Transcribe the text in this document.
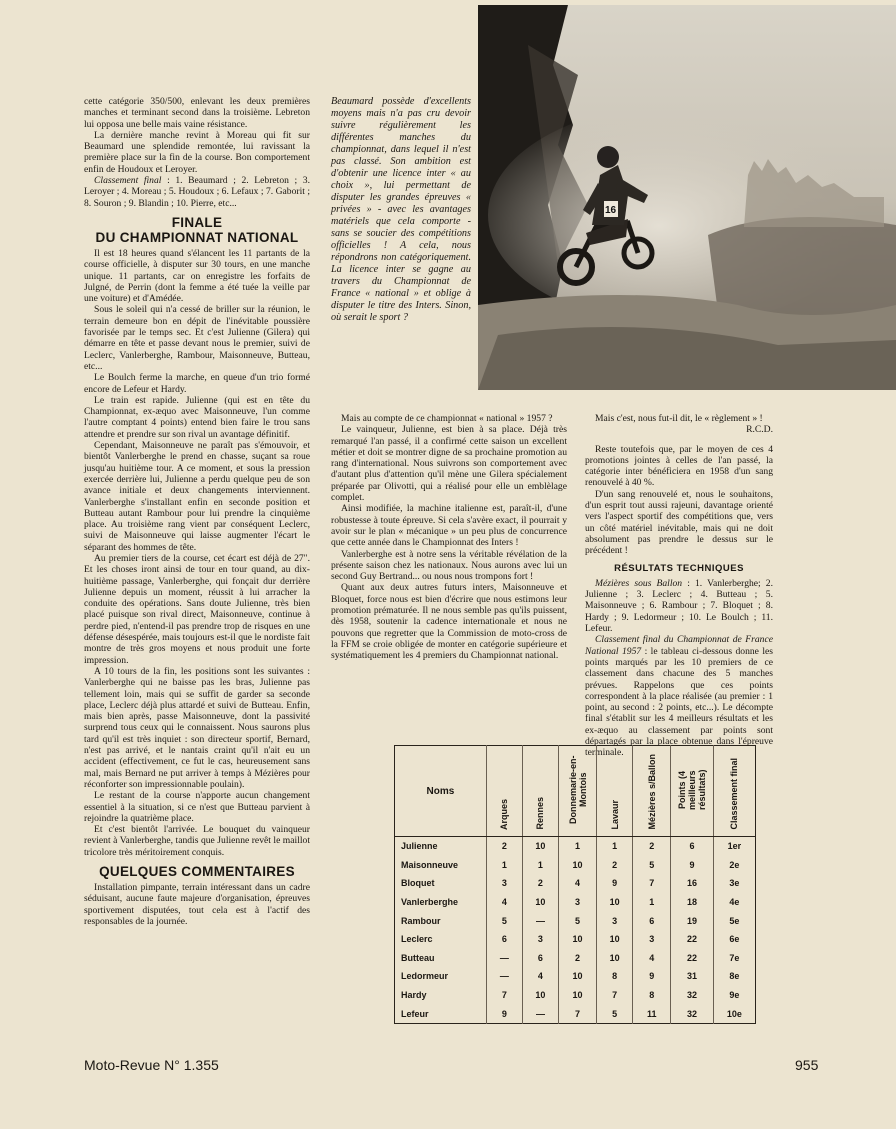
cette catégorie 350/500, enlevant les deux premières manches et terminant second dans la troisième. Lebreton lui opposa une belle mais vaine résistance.

La dernière manche revint à Moreau qui fit sur Beaumard une splendide remontée, lui ravissant la première place sur la fin de la course. Bon comportement enfin de Houdoux et Leroyer.

Classement final : 1. Beaumard ; 2. Lebreton ; 3. Leroyer ; 4. Moreau ; 5. Houdoux ; 6. Lefaux ; 7. Gaborit ; 8. Souron ; 9. Blandin ; 10. Pierre, etc...

FINALE
DU CHAMPIONNAT NATIONAL

Il est 18 heures quand s'élancent les 11 partants de la course officielle, à disputer sur 30 tours, en une manche unique. 11 partants, car on enregistre les forfaits de Julgné, de Perrin (dont la femme a été tuée la veille par une voiture) et d'Amédée.

Sous le soleil qui n'a cessé de briller sur la réunion, le terrain demeure bon en dépit de l'inévitable poussière favorisée par le temps sec. Et c'est Julienne (Gilera) qui démarre en tête et passe devant nous le premier, suivi de Leclerc, Vanlerberghe, Rambour, Maisonneuve, Butteau, etc...

Le Boulch ferme la marche, en queue d'un trio formé encore de Lefeur et Hardy.

Le train est rapide. Julienne (qui est en tête du Championnat, ex-æquo avec Maisonneuve, l'un comme l'autre comptant 4 points) entend bien faire le trou sans attendre et prendre sur son rival un avantage définitif.

Cependant, Maisonneuve ne paraît pas s'émouvoir, et bientôt Vanlerberghe le prend en chasse, suçant sa roue jusqu'au huitième tour. A ce moment, et sous la pression exercée derrière lui, Julienne a perdu quelque peu de son avance initiale et deux changements interviennent. Vanlerberghe s'installant enfin en seconde position et Butteau autant Rambour pour lui prendre la cinquième place. Au troisième rang vient par conséquent Leclerc, suivi de Maisonneuve qui laisse augmenter l'écart le séparant des hommes de tête.

Au premier tiers de la course, cet écart est déjà de 27". Et les choses iront ainsi de tour en tour quand, au dix-huitième passage, Vanlerberghe, qui fonçait dur derrière Julienne depuis un moment, réussit à lui arracher la conduite des opérations. Sans doute Julienne, très bien placé puisque son rival direct, Maisonneuve, continue à perdre pied, n'entend-il pas prendre trop de risques en une défense désespérée, mais toujours est-il que le nordiste fait montre de très gros moyens et nous produit une forte impression.

A 10 tours de la fin, les positions sont les suivantes : Vanlerberghe qui ne baisse pas les bras, Julienne pas tellement loin, mais qui se suffit de garder sa seconde place, Leclerc déjà plus attardé et suivi de Butteau. Enfin, mais bien après, passe Maisonneuve, dont la passivité surprend tous ceux qui le connaissent. Nous saurons plus tard qu'il est très inquiet : son directeur sportif, Bernard, n'est pas arrivé, et le nantais craint qu'il n'ait eu un accident (effectivement, ce fut le cas, heureusement sans mal, mais Bernard ne put arriver à temps à Mézières pour réconforter son impressionnable poulain).

Le restant de la course n'apporte aucun changement essentiel à la situation, si ce n'est que Butteau parvient à rejoindre la quatrième place.

Et c'est bientôt l'arrivée. Le bouquet du vainqueur revient à Vanlerberghe, tandis que Julienne revêt le maillot tricolore très méritoirement conquis.

QUELQUES COMMENTAIRES

Installation pimpante, terrain intéressant dans un cadre séduisant, aucune faute majeure d'organisation, épreuves sportivement disputées, tout cela est à l'actif des responsables de la journée.

Beaumard possède d'excellents moyens mais n'a pas cru devoir suivre régulièrement les différentes manches du championnat, dans lequel il n'est pas classé. Son ambition est d'obtenir une licence inter « au choix », lui permettant de disputer les grandes épreuves « privées » - avec les avantages matériels que cela comporte - sans se soucier des compétitions officielles ! A cela, nous répondrons non catégoriquement. La licence inter se gagne au travers du Championnat de France « national » et oblige à disputer le titre des Inters. Sinon, où serait le sport ?

Mais au compte de ce championnat « national » 1957 ?

Le vainqueur, Julienne, est bien à sa place. Déjà très remarqué l'an passé, il a confirmé cette saison un excellent métier et doit se montrer digne de sa prochaine promotion au rang d'international. Nous suivrons son comportement avec d'autant plus d'attention qu'il mène une Gilera spécialement préparée par Olivotti, qui a réalisé pour elle un emblèlage complet.

Ainsi modifiée, la machine italienne est, paraît-il, d'une robustesse à toute épreuve. Si cela s'avère exact, il pourrait y avoir sur le plan « mécanique » un peu plus de concurrence que cette année dans le Championnat des Inters !

Vanlerberghe est à notre sens la véritable révélation de la présente saison chez les nationaux. Nous aurons avec lui un second Guy Bertrand... ou nous nous trompons fort !

Quant aux deux autres futurs inters, Maisonneuve et Bloquet, force nous est bien d'écrire que nous estimons leur promotion prématurée. Il ne nous semble pas qu'ils puissent, dès 1958, soutenir la cadence internationale et nous ne pouvons que regretter que la Commission de moto-cross de la FFM se croie obligée de monter en catégorie supérieure et systématiquement les 4 premiers du Championnat national.

Mais c'est, nous fut-il dit, le « règlement » !

R.C.D.

Reste toutefois que, par le moyen de ces 4 promotions jointes à celles de l'an passé, la catégorie inter bénéficiera en 1958 d'un sang renouvelé à 40 %.

D'un sang renouvelé et, nous le souhaitons, d'un esprit tout aussi rajeuni, davantage orienté vers l'aspect sportif des compétitions que, vers un côté matériel inévitable, mais qui ne doit absolument pas prendre le dessus sur le précédent !

RÉSULTATS TECHNIQUES

Mézières sous Ballon : 1. Vanlerberghe; 2. Julienne ; 3. Leclerc ; 4. Butteau ; 5. Maisonneuve ; 6. Rambour ; 7. Bloquet ; 8. Hardy ; 9. Ledormeur ; 10. Le Boulch ; 11. Lefeur.

Classement final du Championnat de France National 1957 : le tableau ci-dessous donne les points marqués par les 10 premiers de ce classement dans chacune des 5 manches prévues. Rappelons que ces points correspondent à la place réalisée (au premier : 1 point, au second : 2 points, etc...). Le décompte final s'établit sur les 4 meilleurs résultats et les ex-æquo au classement par points sont départagés par la place obtenue dans l'épreuve terminale.

16
Noms	Arques	Rennes	Donnemarie-en-Montois	Lavaur	Mézières s/Ballon	Points (4 meilleurs résultats)	Classement final
Julienne	2	10	1	1	2	6	1er
Maisonneuve	1	1	10	2	5	9	2e
Bloquet	3	2	4	9	7	16	3e
Vanlerberghe	4	10	3	10	1	18	4e
Rambour	5	—	5	3	6	19	5e
Leclerc	6	3	10	10	3	22	6e
Butteau	—	6	2	10	4	22	7e
Ledormeur	—	4	10	8	9	31	8e
Hardy	7	10	10	7	8	32	9e
Lefeur	9	—	7	5	11	32	10e
Moto-Revue N° 1.355	955
